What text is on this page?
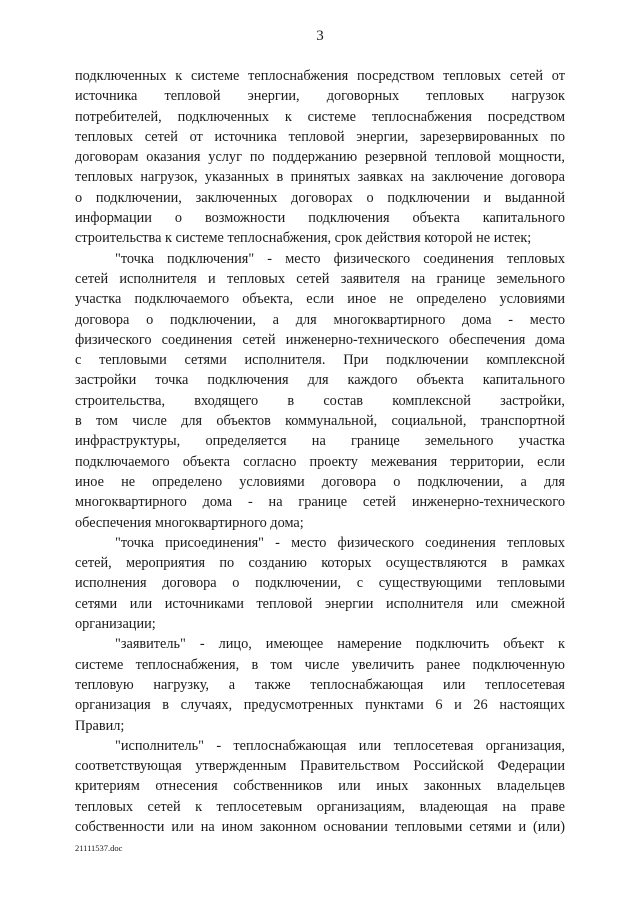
3

подключенных к системе теплоснабжения посредством тепловых сетей от
источника тепловой энергии, договорных тепловых нагрузок
потребителей, подключенных к системе теплоснабжения посредством
тепловых сетей от источника тепловой энергии, зарезервированных по
договорам оказания услуг по поддержанию резервной тепловой мощности,
тепловых нагрузок, указанных в принятых заявках на заключение договора
о подключении, заключенных договорах о подключении и выданной
информации о возможности подключения объекта капитального
строительства к системе теплоснабжения, срок действия которой не истек;

"точка подключения" - место физического соединения тепловых
сетей исполнителя и тепловых сетей заявителя на границе земельного
участка подключаемого объекта, если иное не определено условиями
договора о подключении, а для многоквартирного дома - место
физического соединения сетей инженерно-технического обеспечения дома
с тепловыми сетями исполнителя. При подключении комплексной
застройки точка подключения для каждого объекта капитального
строительства, входящего в состав комплексной застройки,
в том числе для объектов коммунальной, социальной, транспортной
инфраструктуры, определяется на границе земельного участка
подключаемого объекта согласно проекту межевания территории, если
иное не определено условиями договора о подключении, а для
многоквартирного дома - на границе сетей инженерно-технического
обеспечения многоквартирного дома;

"точка присоединения" - место физического соединения тепловых
сетей, мероприятия по созданию которых осуществляются в рамках
исполнения договора о подключении, с существующими тепловыми
сетями или источниками тепловой энергии исполнителя или смежной
организации;

"заявитель" - лицо, имеющее намерение подключить объект к
системе теплоснабжения, в том числе увеличить ранее подключенную
тепловую нагрузку, а также теплоснабжающая или теплосетевая
организация в случаях, предусмотренных пунктами 6 и 26 настоящих
Правил;

"исполнитель" - теплоснабжающая или теплосетевая организация,
соответствующая утвержденным Правительством Российской Федерации
критериям отнесения собственников или иных законных владельцев
тепловых сетей к теплосетевым организациям, владеющая на праве
собственности или на ином законном основании тепловыми сетями и (или)

21111537.doc
